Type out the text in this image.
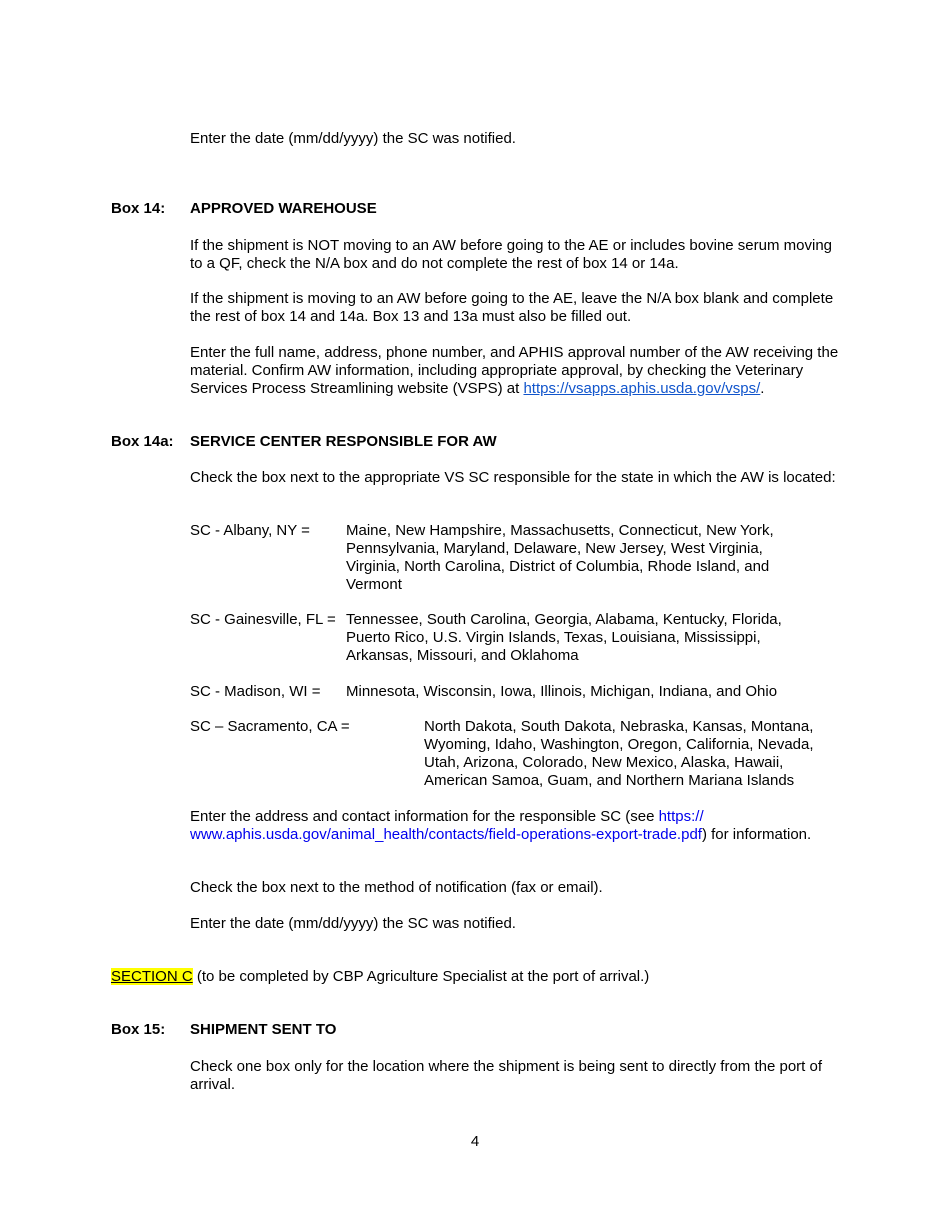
Enter the date (mm/dd/yyyy) the SC was notified.

Box 14: APPROVED WAREHOUSE

If the shipment is NOT moving to an AW before going to the AE or includes bovine serum moving to a QF, check the N/A box and do not complete the rest of box 14 or 14a.

If the shipment is moving to an AW before going to the AE, leave the N/A box blank and complete the rest of box 14 and 14a. Box 13 and 13a must also be filled out.

Enter the full name, address, phone number, and APHIS approval number of the AW receiving the material. Confirm AW information, including appropriate approval, by checking the Veterinary Services Process Streamlining website (VSPS) at https://vsapps.aphis.usda.gov/vsps/.

Box 14a: SERVICE CENTER RESPONSIBLE FOR AW

Check the box next to the appropriate VS SC responsible for the state in which the AW is located:

SC - Albany, NY = Maine, New Hampshire, Massachusetts, Connecticut, New York, Pennsylvania, Maryland, Delaware, New Jersey, West Virginia, Virginia, North Carolina, District of Columbia, Rhode Island, and Vermont

SC - Gainesville, FL = Tennessee, South Carolina, Georgia, Alabama, Kentucky, Florida, Puerto Rico, U.S. Virgin Islands, Texas, Louisiana, Mississippi, Arkansas, Missouri, and Oklahoma

SC - Madison, WI = Minnesota, Wisconsin, Iowa, Illinois, Michigan, Indiana, and Ohio

SC – Sacramento, CA =	North Dakota, South Dakota, Nebraska, Kansas, Montana, Wyoming, Idaho, Washington, Oregon, California, Nevada, Utah, Arizona, Colorado, New Mexico, Alaska, Hawaii, American Samoa, Guam, and Northern Mariana Islands

Enter the address and contact information for the responsible SC (see https:// www.aphis.usda.gov/animal_health/contacts/field-operations-export-trade.pdf) for information.

Check the box next to the method of notification (fax or email).

Enter the date (mm/dd/yyyy) the SC was notified.

SECTION C (to be completed by CBP Agriculture Specialist at the port of arrival.)

Box 15: SHIPMENT SENT TO

Check one box only for the location where the shipment is being sent to directly from the port of arrival.

4
